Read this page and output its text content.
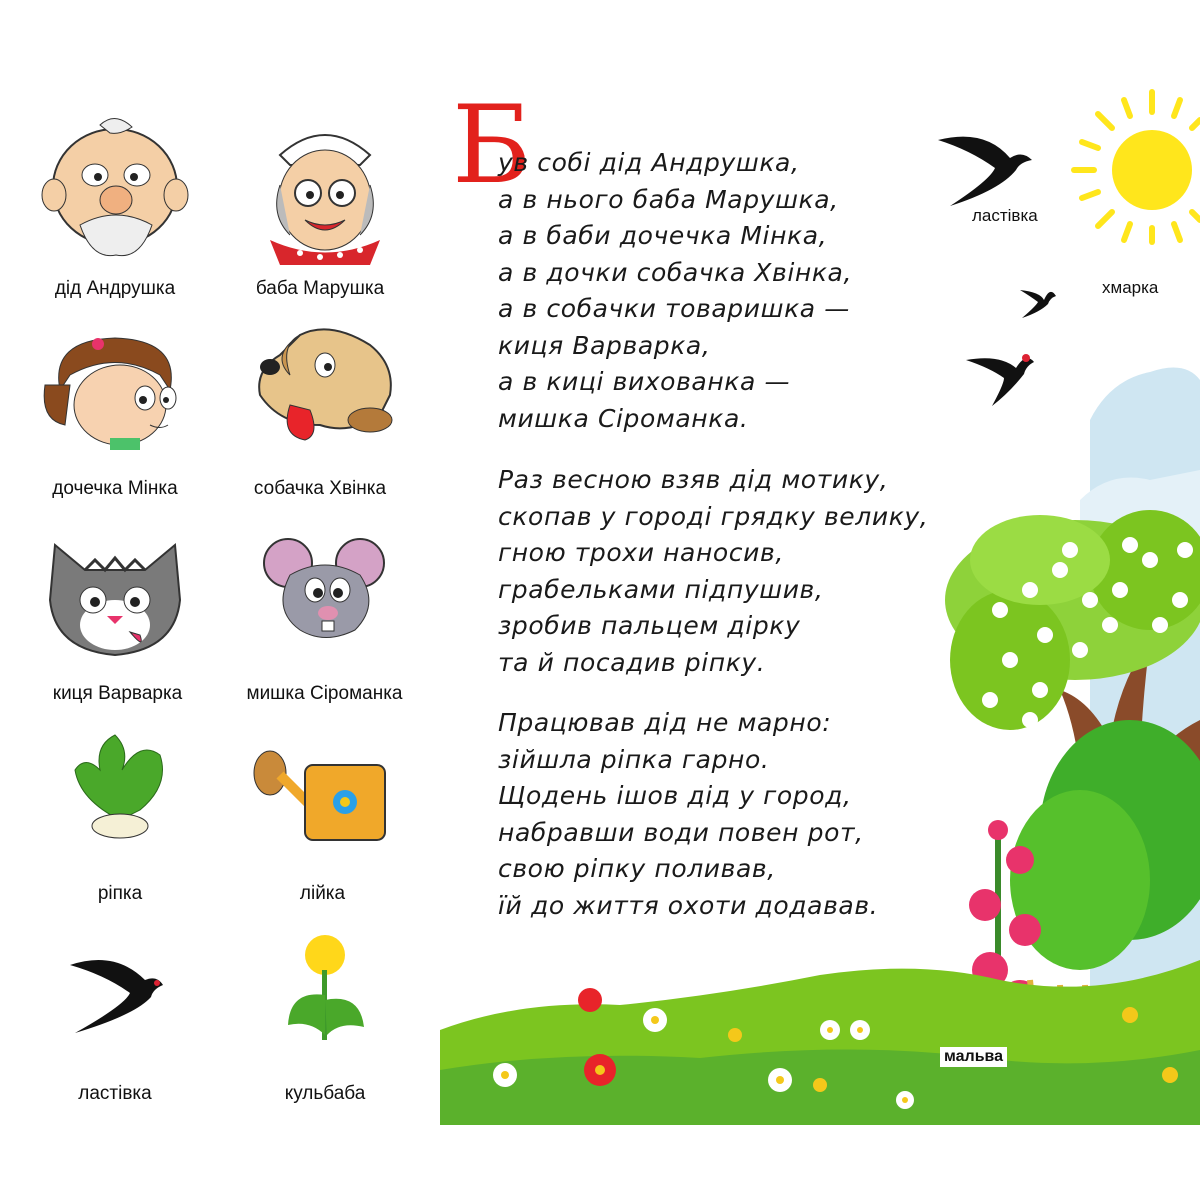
ластівка
хмарка
мальва
дід Андрушка	баба Марушка
дочечка Мінка	собачка Хвінка
киця Варварка	мишка Сіроманка
ріпка	лійка
ластівка	кульбаба
Б

ув собі дід Андрушка,

а в нього баба Марушка,

а в баби дочечка Мінка,

а в дочки собачка Хвінка,

а в собачки товаришка —

киця Варварка,

а в киці вихованка —

мишка Сіроманка.

Раз весною взяв дід мотику,

скопав у городі грядку велику,

гною трохи наносив,

грабельками підпушив,

зробив пальцем дірку

та й посадив ріпку.

Працював дід не марно:

зійшла ріпка гарно.

Щодень ішов дід у город,

набравши води повен рот,

свою ріпку поливав,

їй до життя охоти додавав.
